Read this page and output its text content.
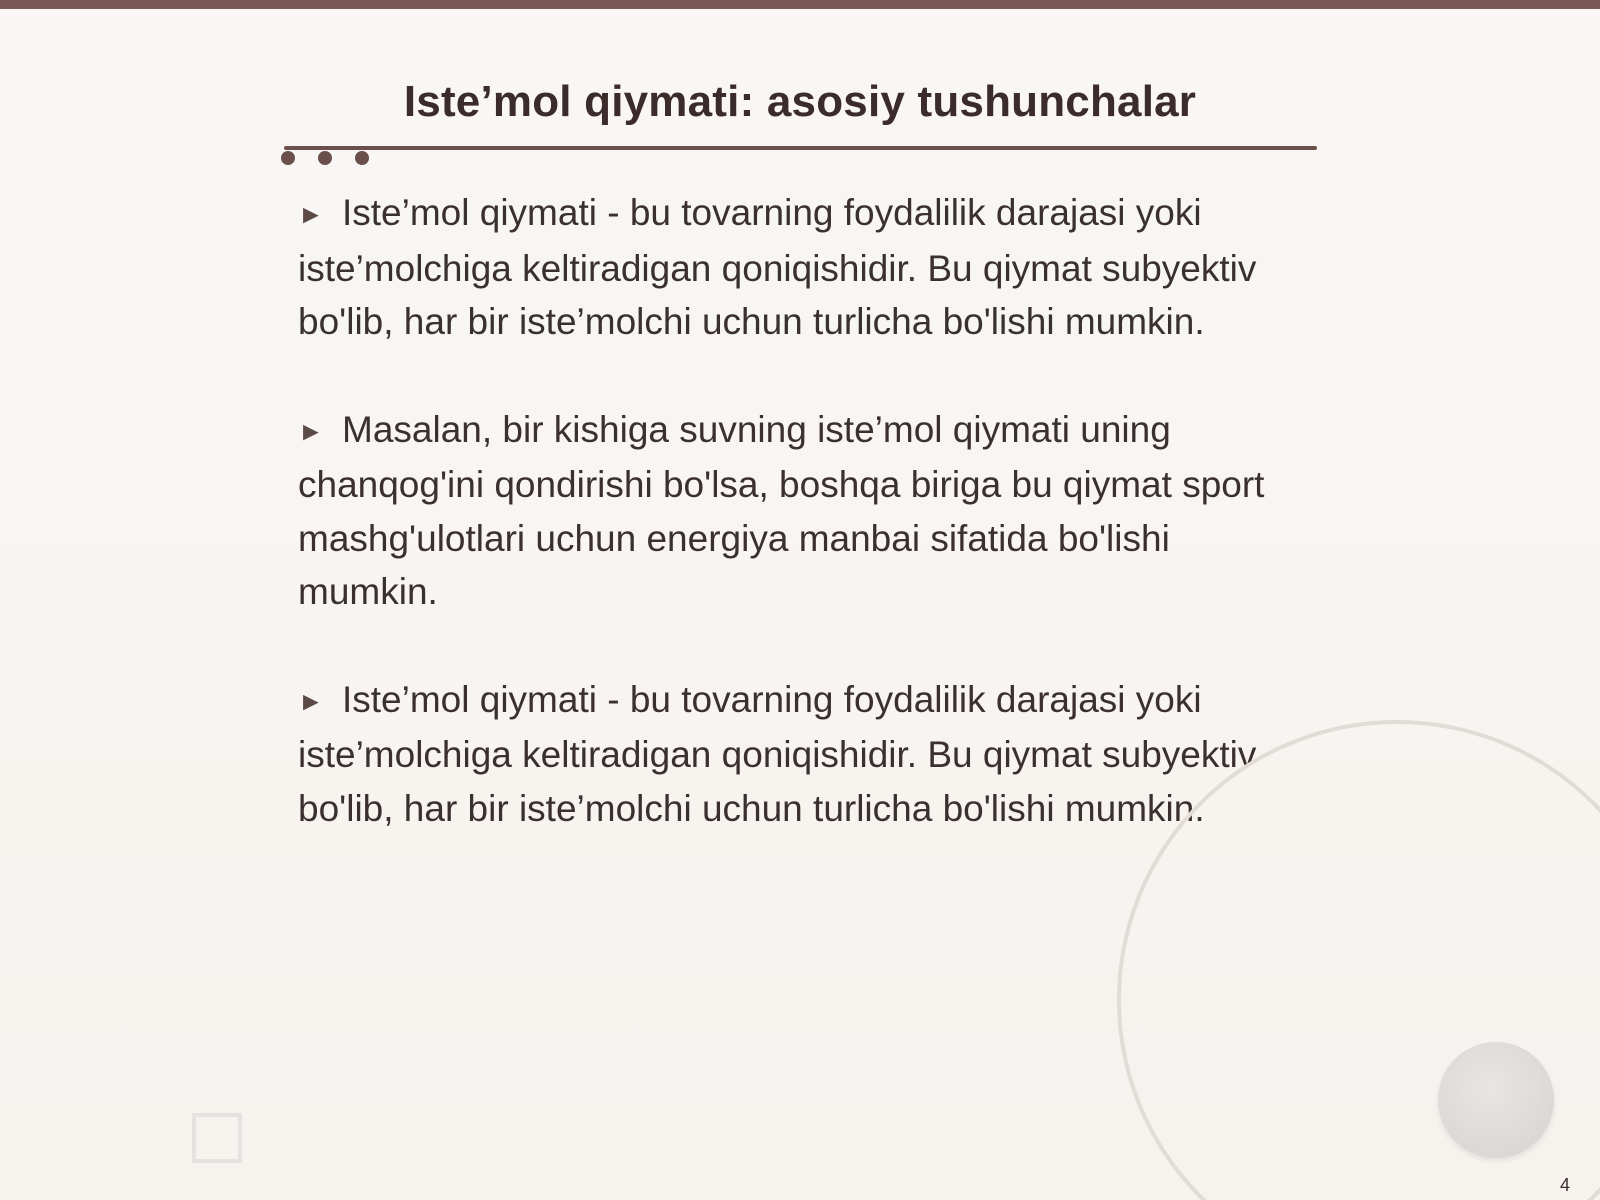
Iste’mol qiymati: asosiy tushunchalar
► Iste’mol qiymati - bu tovarning foydalilik darajasi yoki iste’molchiga keltiradigan qoniqishidir. Bu qiymat subyektiv bo'lib, har bir iste’molchi uchun turlicha bo'lishi mumkin.
► Masalan, bir kishiga suvning iste’mol qiymati uning chanqog'ini qondirishi bo'lsa, boshqa biriga bu qiymat sport mashg'ulotlari uchun energiya manbai sifatida bo'lishi mumkin.
► Iste’mol qiymati - bu tovarning foydalilik darajasi yoki iste’molchiga keltiradigan qoniqishidir. Bu qiymat subyektiv bo'lib, har bir iste’molchi uchun turlicha bo'lishi mumkin.
4
